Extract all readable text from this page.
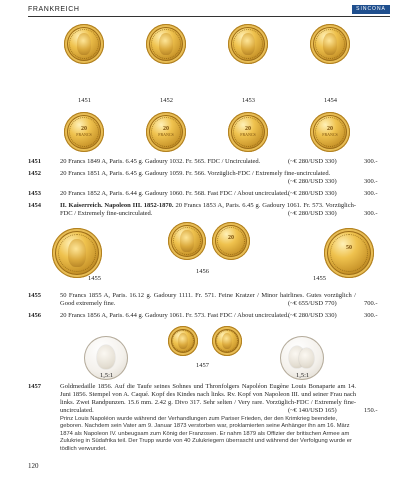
FRANKREICH	SINCONA
1451	1452	1453	1454
20
FRANCS
20
FRANCS
20
FRANCS
20
FRANCS
1451	20 Francs 1849 A, Paris. 6.45 g. Gadoury 1032. Fr. 565. FDC / Uncirculated.	(~€ 280/USD 330)	300.-
1452	20 Francs 1851 A, Paris. 6.45 g. Gadoury 1059. Fr. 566. Vorzüglich-FDC / Extremely fine-uncirculated.
(~€ 280/USD 330)	300.-
1453	20 Francs 1852 A, Paris. 6.44 g. Gadoury 1060. Fr. 568. Fast FDC / About uncirculated. (~€ 280/USD 330)	300.-
1454	II. Kaiserreich. Napoleon III. 1852-1870. 20 Francs 1853 A, Paris. 6.45 g. Gadoury 1061. Fr. 573. Vorzüglich-FDC / Extremely fine-uncirculated.	(~€ 280/USD 330)	300.-
20
50
1455
1456
1455
1455	50 Francs 1855 A, Paris. 16.12 g. Gadoury 1111. Fr. 571. Feine Kratzer / Minor hairlines. Gutes vorzüglich / Good extremely fine.	(~€ 655/USD 770)	700.-
1456	20 Francs 1856 A, Paris. 6.44 g. Gadoury 1061. Fr. 573. Fast FDC / About uncirculated. (~€ 280/USD 330)	300.-
1457
1,5:1	1,5:1
1457	Goldmedaille 1856. Auf die Taufe seines Sohnes und Thronfolgers Napoléon Eugène Louis Bonaparte am 14. Juni 1856. Stempel von A. Caqué. Kopf des Kindes nach links. Rv. Kopf von Napoleon III. und seiner Frau nach links. Zwei Randpunzen. 15.6 mm. 2.42 g. Divo 317. Sehr selten / Very rare. Vorzüglich-FDC / Extremely fine-uncirculated.	(~€ 140/USD 165)	150.-
Prinz Louis Napoléon wurde während der Verhandlungen zum Pariser Frieden, der den Krimkrieg beendete, geboren. Nachdem sein Vater am 9. Januar 1873 verstorben war, proklamierten seine Anhänger ihn am 16. März 1874 als Napoleon IV. unbeugsam zum König der Franzosen. Er nahm 1879 als Offizier der britischen Armee am Zulukrieg in Südafrika teil. Der Trupp wurde von 40 Zulukriegern überrascht und während der Verfolgung wurde er tödlich verwundet.
120
